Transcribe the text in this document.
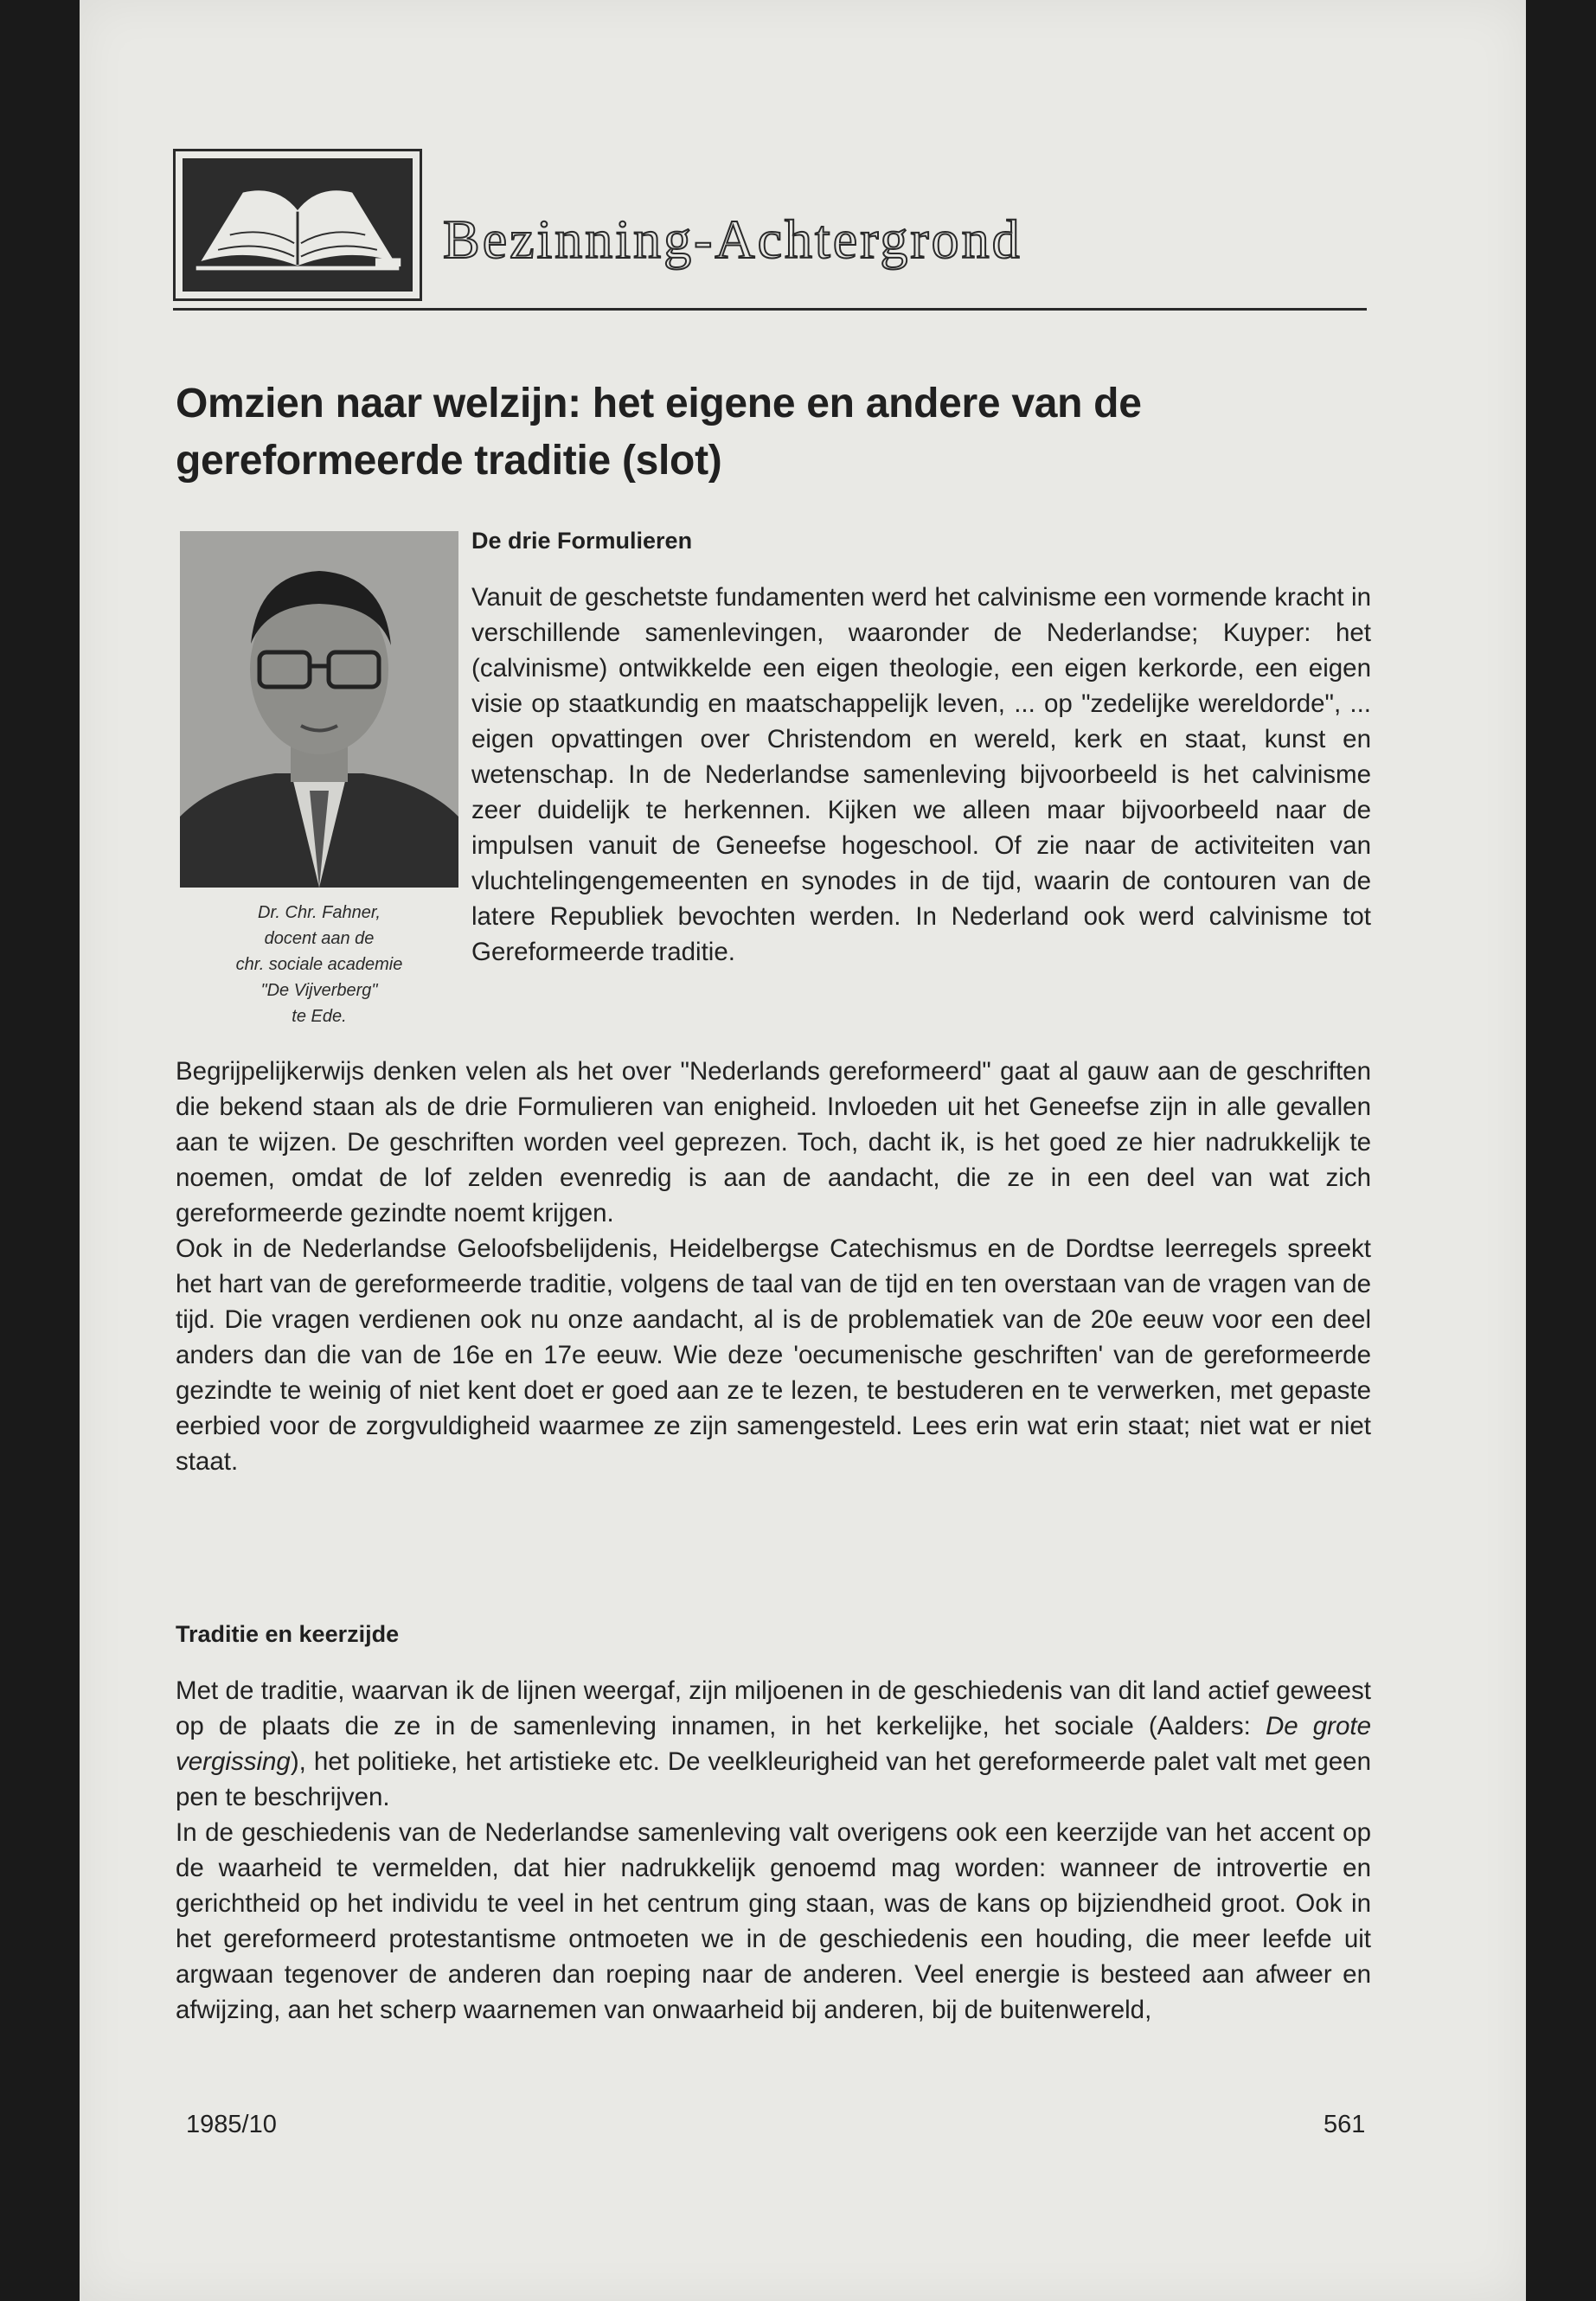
Bezinning-Achtergrond
Omzien naar welzijn: het eigene en andere van de gereformeerde traditie (slot)
Dr. Chr. Fahner,
docent aan de
chr. sociale academie
"De Vijverberg"
te Ede.
De drie Formulieren

Vanuit de geschetste fundamenten werd het calvinisme een vormende kracht in verschillende samenlevingen, waaronder de Nederlandse; Kuyper: het (calvinisme) ontwikkelde een eigen theologie, een eigen kerkorde, een eigen visie op staatkundig en maatschappelijk leven, ... op "zedelijke wereldorde", ... eigen opvattingen over Christendom en wereld, kerk en staat, kunst en wetenschap. In de Nederlandse samenleving bijvoorbeeld is het calvinisme zeer duidelijk te herkennen. Kijken we alleen maar bijvoorbeeld naar de impulsen vanuit de Geneefse hogeschool. Of zie naar de activiteiten van vluchtelingengemeenten en synodes in de tijd, waarin de contouren van de latere Republiek bevochten werden. In Nederland ook werd calvinisme tot Gereformeerde traditie.

Begrijpelijkerwijs denken velen als het over "Nederlands gereformeerd" gaat al gauw aan de geschriften die bekend staan als de drie Formulieren van enigheid. Invloeden uit het Geneefse zijn in alle gevallen aan te wijzen. De geschriften worden veel geprezen. Toch, dacht ik, is het goed ze hier nadrukkelijk te noemen, omdat de lof zelden evenredig is aan de aandacht, die ze in een deel van wat zich gereformeerde gezindte noemt krijgen.

Ook in de Nederlandse Geloofsbelijdenis, Heidelbergse Catechismus en de Dordtse leerregels spreekt het hart van de gereformeerde traditie, volgens de taal van de tijd en ten overstaan van de vragen van de tijd. Die vragen verdienen ook nu onze aandacht, al is de problematiek van de 20e eeuw voor een deel anders dan die van de 16e en 17e eeuw. Wie deze 'oecumenische geschriften' van de gereformeerde gezindte te weinig of niet kent doet er goed aan ze te lezen, te bestuderen en te verwerken, met gepaste eerbied voor de zorgvuldigheid waarmee ze zijn samengesteld. Lees erin wat erin staat; niet wat er niet staat.

Traditie en keerzijde

Met de traditie, waarvan ik de lijnen weergaf, zijn miljoenen in de geschiedenis van dit land actief geweest op de plaats die ze in de samenleving innamen, in het kerkelijke, het sociale (Aalders: De grote vergissing), het politieke, het artistieke etc. De veelkleurigheid van het gereformeerde palet valt met geen pen te beschrijven.

In de geschiedenis van de Nederlandse samenleving valt overigens ook een keerzijde van het accent op de waarheid te vermelden, dat hier nadrukkelijk genoemd mag worden: wanneer de introvertie en gerichtheid op het individu te veel in het centrum ging staan, was de kans op bijziendheid groot. Ook in het gereformeerd protestantisme ontmoeten we in de geschiedenis een houding, die meer leefde uit argwaan tegenover de anderen dan roeping naar de anderen. Veel energie is besteed aan afweer en afwijzing, aan het scherp waarnemen van onwaarheid bij anderen, bij de buitenwereld,

1985/10	561
